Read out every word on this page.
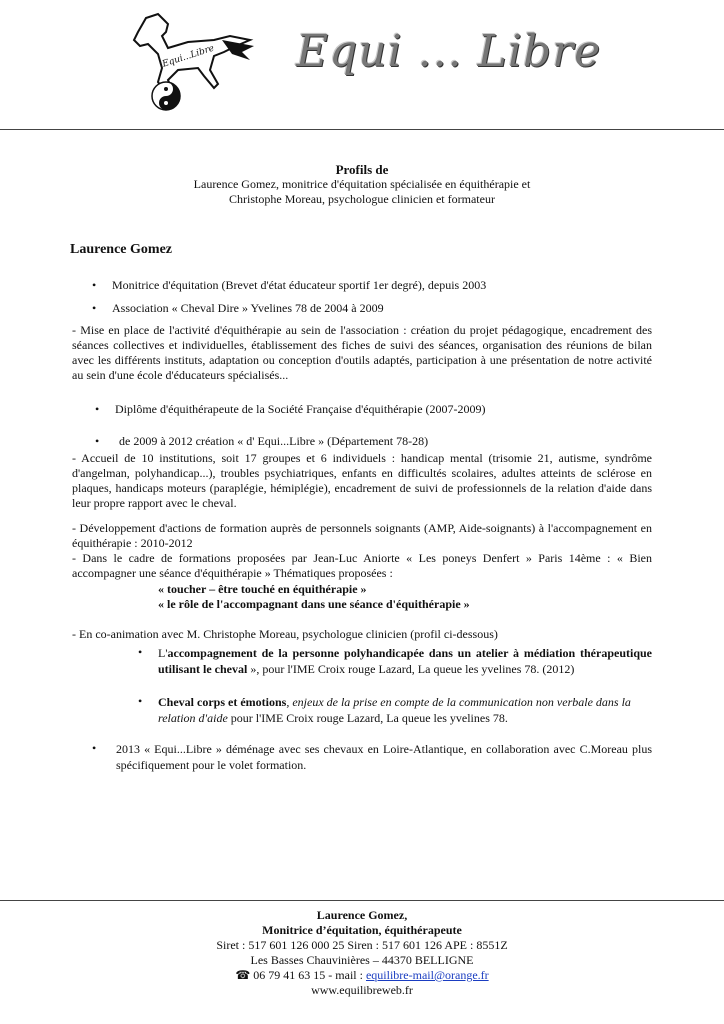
Equi...Libre Equi ... Libre
Profils de
Laurence Gomez, monitrice d'équitation spécialisée en équithérapie et
Christophe Moreau, psychologue clinicien et formateur
Laurence Gomez
• Monitrice d'équitation (Brevet d'état éducateur sportif 1er degré), depuis 2003
• Association « Cheval Dire » Yvelines 78 de 2004 à 2009
- Mise en place de l'activité d'équithérapie au sein de l'association : création du projet pédagogique, encadrement des séances collectives et individuelles, établissement des fiches de suivi des séances, organisation des réunions de bilan avec les différents instituts, adaptation ou conception d'outils adaptés, participation à une présentation de notre activité au sein d'une école d'éducateurs spécialisés...
• Diplôme d'équithérapeute de la Société Française d'équithérapie (2007-2009)
• de 2009 à 2012 création « d' Equi...Libre » (Département 78-28)
- Accueil de 10 institutions, soit 17 groupes et 6 individuels : handicap mental (trisomie 21, autisme, syndrôme d'angelman, polyhandicap...), troubles psychiatriques, enfants en difficultés scolaires, adultes atteints de sclérose en plaques, handicaps moteurs (paraplégie, hémiplégie), encadrement de suivi de professionnels de la relation d'aide dans leur propre rapport avec le cheval.
- Développement d'actions de formation auprès de personnels soignants (AMP, Aide-soignants) à l'accompagnement en équithérapie : 2010-2012
- Dans le cadre de formations proposées par Jean-Luc Aniorte « Les poneys Denfert » Paris 14ème : « Bien accompagner une séance d'équithérapie » Thématiques proposées :
« toucher – être touché en équithérapie »
« le rôle de l'accompagnant dans une séance d'équithérapie »
- En co-animation avec M. Christophe Moreau, psychologue clinicien (profil ci-dessous)
• L'accompagnement de la personne polyhandicapée dans un atelier à médiation thérapeutique utilisant le cheval », pour l'IME Croix rouge Lazard, La queue les yvelines 78. (2012)
• Cheval corps et émotions, enjeux de la prise en compte de la communication non verbale dans la relation d'aide pour l'IME Croix rouge Lazard, La queue les yvelines 78.
• 2013 « Equi...Libre » déménage avec ses chevaux en Loire-Atlantique, en collaboration avec C.Moreau plus spécifiquement pour le volet formation.
Laurence Gomez,
Monitrice d’équitation, équithérapeute
Siret : 517 601 126 000 25 Siren : 517 601 126 APE : 8551Z
Les Basses Chauvinières – 44370 BELLIGNE
☎ 06 79 41 63 15 - mail : equilibre-mail@orange.fr
www.equilibreweb.fr
